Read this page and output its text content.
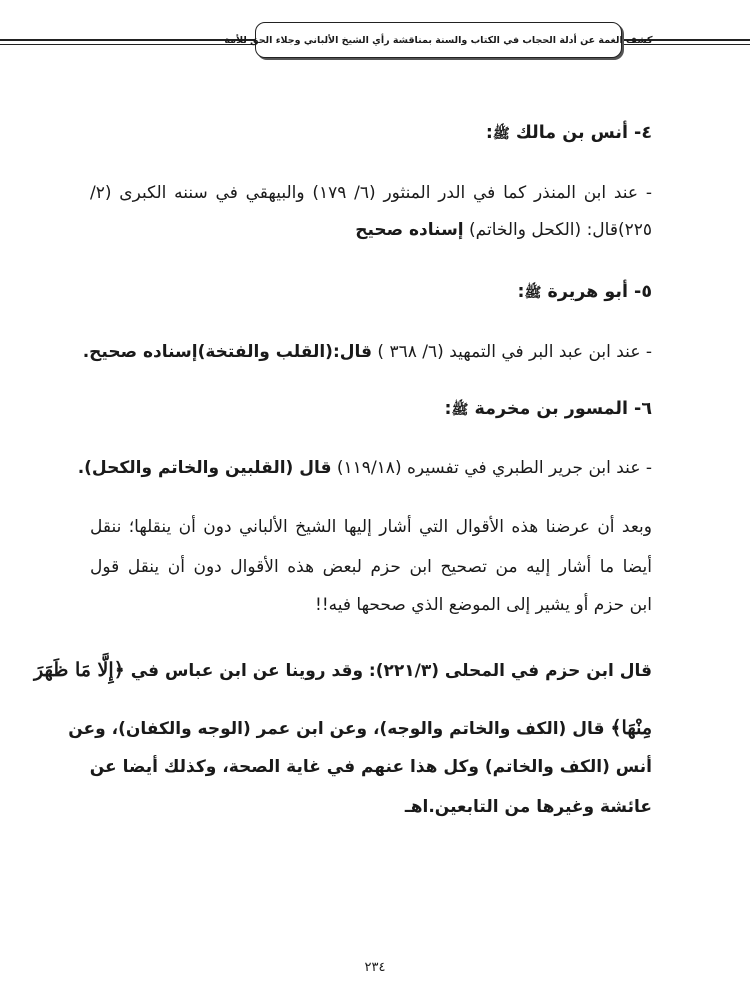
كشف الغمة عن أدلة الحجاب في الكتاب والسنة بمناقشة رأي الشيخ الألباني وجلاء الحق للأمة
٤- أنس بن مالك ﷺ:
- عند ابن المنذر كما في الدر المنثور (٦/ ١٧٩) والبيهقي في سننه الكبرى (٢/
٢٢٥)قال: (الكحل والخاتم) إسناده صحيح
٥- أبو هريرة ﷺ:
- عند ابن عبد البر في التمهيد (٦/ ٣٦٨ ) قال:(القلب والفتخة)إسناده صحيح.
٦- المسور بن مخرمة ﷺ:
- عند ابن جرير الطبري في تفسيره (١١٩/١٨) قال (القلبين والخاتم والكحل).
وبعد أن عرضنا هذه الأقوال التي أشار إليها الشيخ الألباني دون أن ينقلها؛ ننقل
أيضا ما أشار إليه من تصحيح ابن حزم لبعض هذه الأقوال دون أن ينقل قول
ابن حزم أو يشير إلى الموضع الذي صححها فيه!!
قال ابن حزم في المحلى (٢٢١/٣): وقد روينا عن ابن عباس في ﴿إِلَّا مَا ظَهَرَ
مِنْهَا﴾ قال (الكف والخاتم والوجه)، وعن ابن عمر (الوجه والكفان)، وعن
أنس (الكف والخاتم) وكل هذا عنهم في غاية الصحة، وكذلك أيضا عن
عائشة وغيرها من التابعين.اهـ
٢٣٤
